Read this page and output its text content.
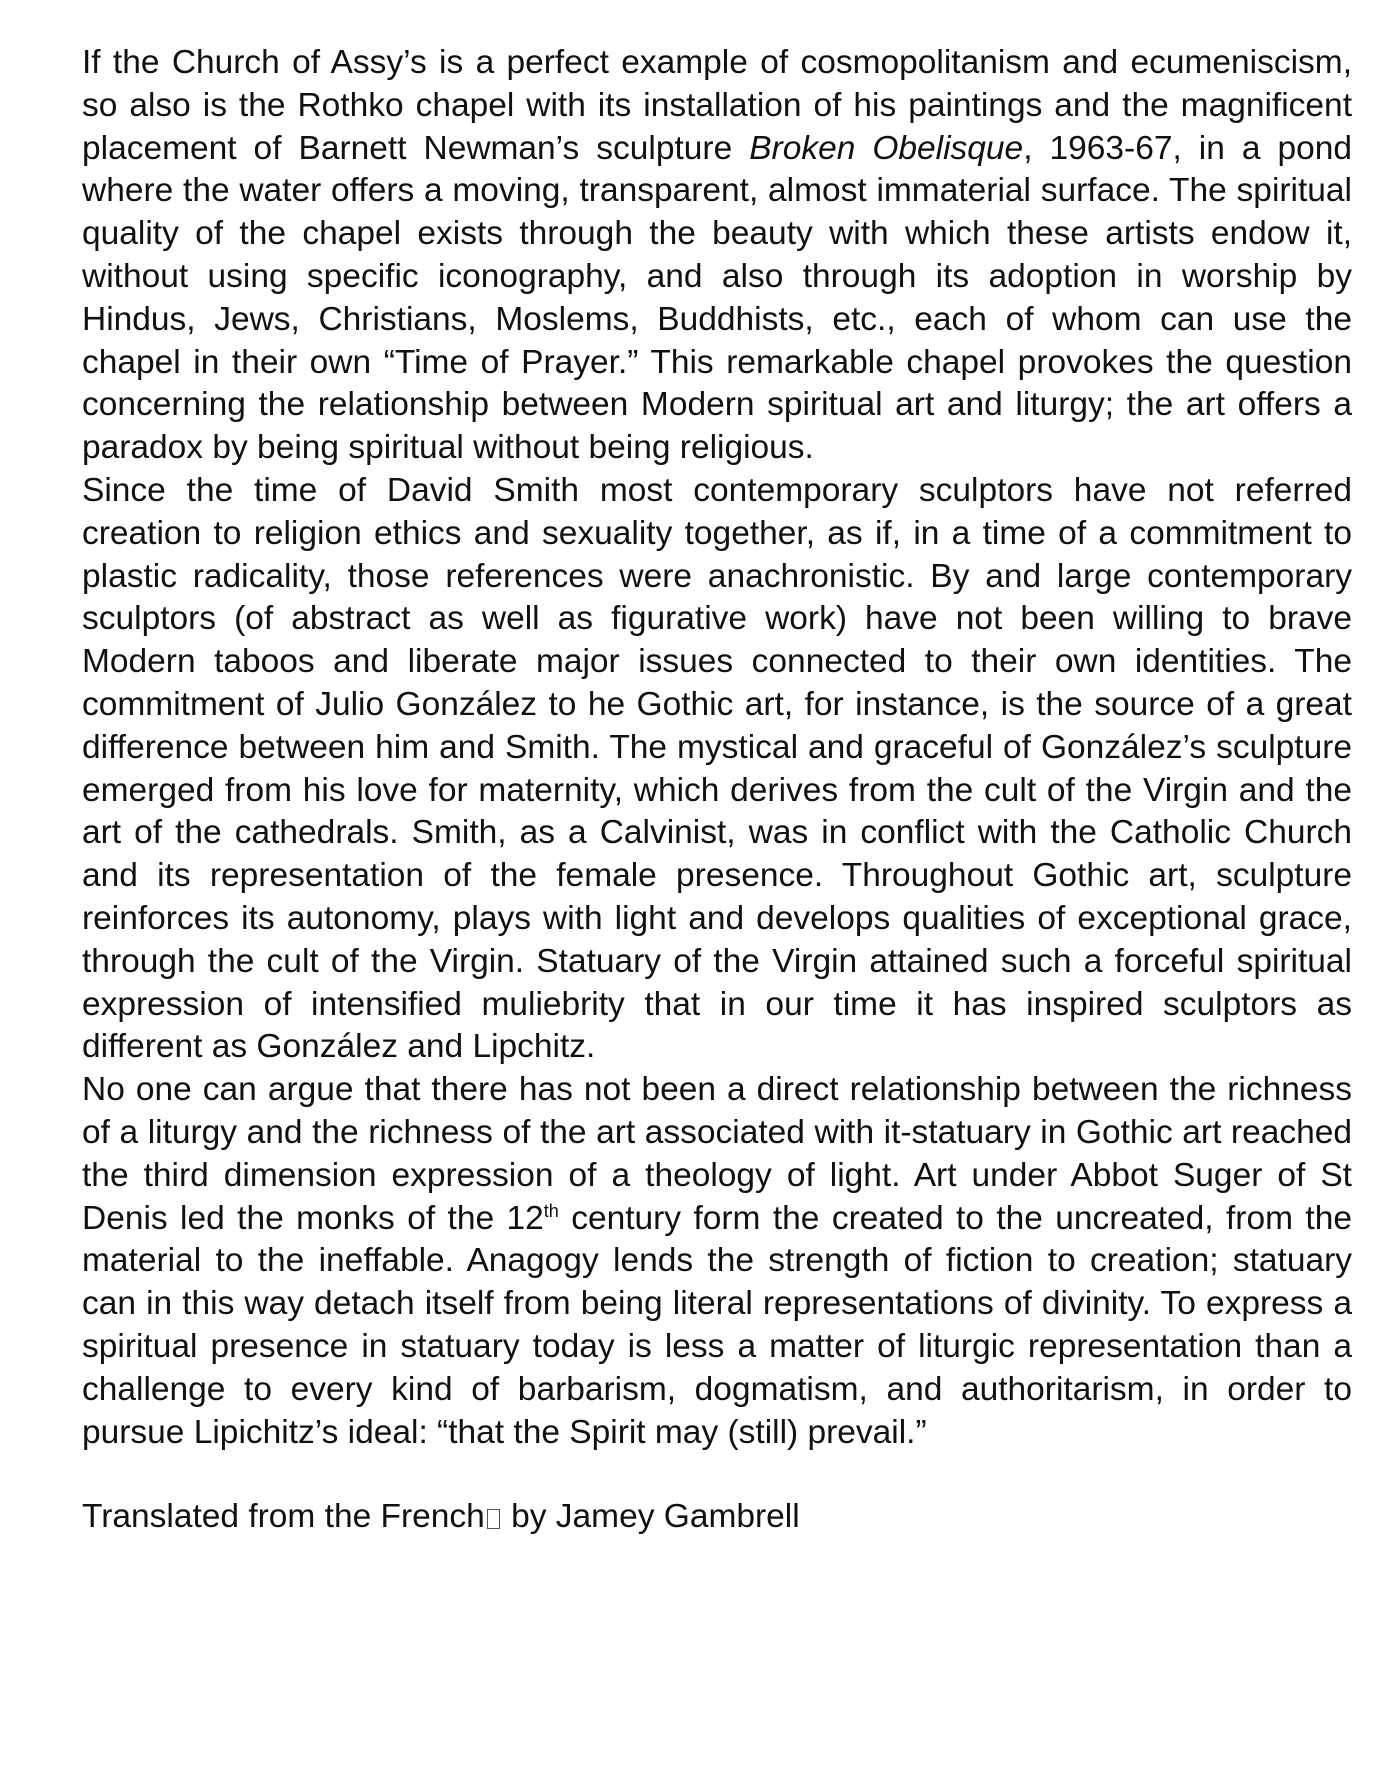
If the Church of Assy’s is a perfect example of cosmopolitanism and ecumeniscism, so also is the Rothko chapel with its installation of his paintings and the magnificent placement of Barnett Newman’s sculpture Broken Obelisque, 1963-67, in a pond where the water offers a moving, transparent, almost immaterial surface. The spiritual quality of the chapel exists through the beauty with which these artists endow it, without using specific iconography, and also through its adoption in worship by Hindus, Jews, Christians, Moslems, Buddhists, etc., each of whom can use the chapel in their own “Time of Prayer.” This remarkable chapel provokes the question concerning the relationship between Modern spiritual art and liturgy; the art offers a paradox by being spiritual without being religious.

Since the time of David Smith most contemporary sculptors have not referred creation to religion ethics and sexuality together, as if, in a time of a commitment to plastic radicality, those references were anachronistic. By and large contemporary sculptors (of abstract as well as figurative work) have not been willing to brave Modern taboos and liberate major issues connected to their own identities. The commitment of Julio González to he Gothic art, for instance, is the source of a great difference between him and Smith. The mystical and graceful of González’s sculpture emerged from his love for maternity, which derives from the cult of the Virgin and the art of the cathedrals. Smith, as a Calvinist, was in conflict with the Catholic Church and its representation of the female presence. Throughout Gothic art, sculpture reinforces its autonomy, plays with light and develops qualities of exceptional grace, through the cult of the Virgin. Statuary of the Virgin attained such a forceful spiritual expression of intensified muliebrity that in our time it has inspired sculptors as different as González and Lipchitz.

No one can argue that there has not been a direct relationship between the richness of a liturgy and the richness of the art associated with it-statuary in Gothic art reached the third dimension expression of a theology of light. Art under Abbot Suger of St Denis led the monks of the 12th century form the created to the uncreated, from the material to the ineffable. Anagogy lends the strength of fiction to creation; statuary can in this way detach itself from being literal representations of divinity. To express a spiritual presence in statuary today is less a matter of liturgic representation than a challenge to every kind of barbarism, dogmatism, and authoritarism, in order to pursue Lipichitz’s ideal: “that the Spirit may (still) prevail.”

Translated from the French by Jamey Gambrell
